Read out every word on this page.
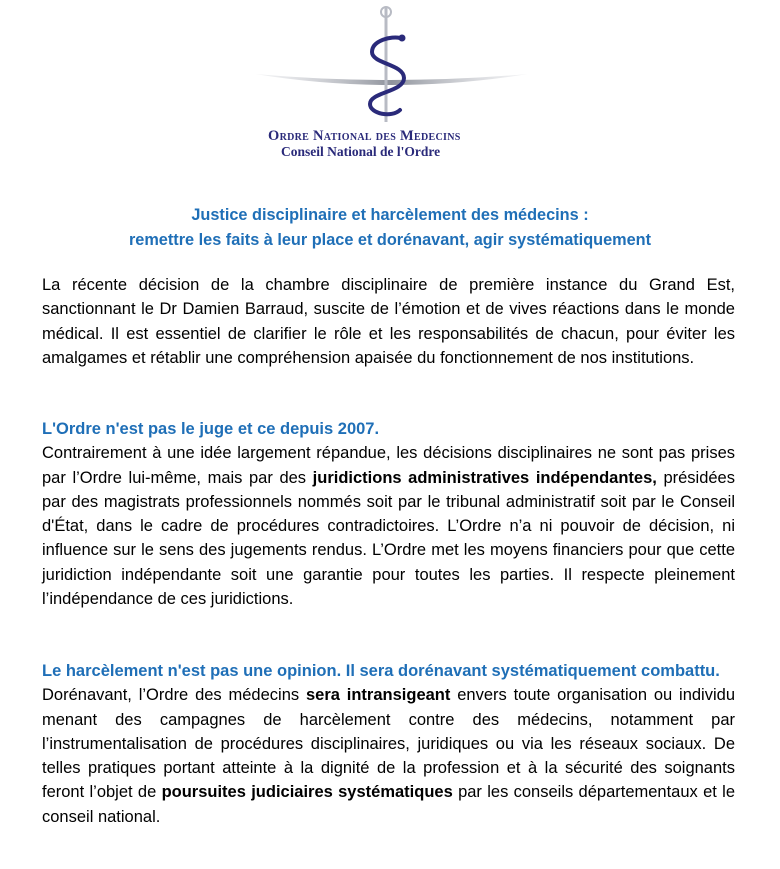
Ordre National des Medecins
Conseil National de l'Ordre
Justice disciplinaire et harcèlement des médecins :
remettre les faits à leur place et dorénavant, agir systématiquement
La récente décision de la chambre disciplinaire de première instance du Grand Est, sanctionnant le Dr Damien Barraud, suscite de l’émotion et de vives réactions dans le monde médical. Il est essentiel de clarifier le rôle et les responsabilités de chacun, pour éviter les amalgames et rétablir une compréhension apaisée du fonctionnement de nos institutions.
L'Ordre n'est pas le juge et ce depuis 2007.
Contrairement à une idée largement répandue, les décisions disciplinaires ne sont pas prises par l’Ordre lui-même, mais par des juridictions administratives indépendantes, présidées par des magistrats professionnels nommés soit par le tribunal administratif soit par le Conseil d'État, dans le cadre de procédures contradictoires. L’Ordre n’a ni pouvoir de décision, ni influence sur le sens des jugements rendus. L’Ordre met les moyens financiers pour que cette juridiction indépendante soit une garantie pour toutes les parties. Il respecte pleinement l’indépendance de ces juridictions.
Le harcèlement n'est pas une opinion. Il sera dorénavant systématiquement combattu.
Dorénavant, l’Ordre des médecins sera intransigeant envers toute organisation ou individu menant des campagnes de harcèlement contre des médecins, notamment par l’instrumentalisation de procédures disciplinaires, juridiques ou via les réseaux sociaux. De telles pratiques portant atteinte à la dignité de la profession et à la sécurité des soignants feront l’objet de poursuites judiciaires systématiques par les conseils départementaux et le conseil national.
